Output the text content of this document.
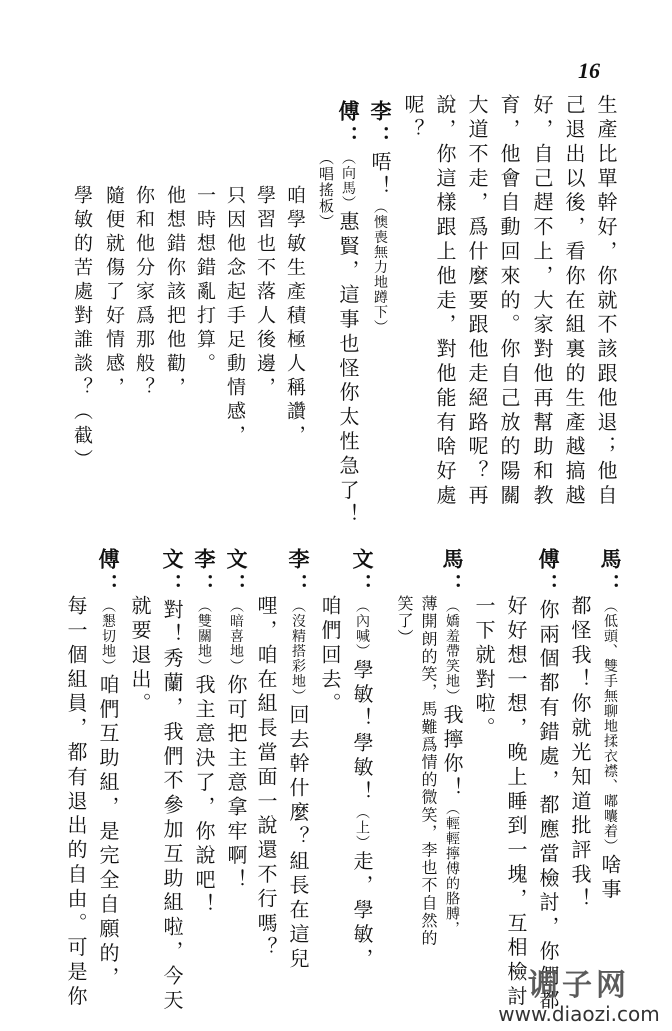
16
生產比單幹好，你就不該跟他退；他自
己退出以後，看你在組裏的生產越搞越
好，自己趕不上，大家對他再幫助和教
育，他會自動回來的。你自己放的陽關
大道不走，爲什麼要跟他走絕路呢？再
說，你這樣跟上他走，對他能有啥好處
呢？
李：唔！（懊喪無力地蹲下）
傅：（向馬）惠賢，這事也怪你太性急了！
（唱搖板）
咱學敏生產積極人稱讚，
學習也不落人後邊，
只因他念起手足動情感，
一時想錯亂打算。
他想錯你該把他勸，
你和他分家爲那般？
隨便就傷了好情感，
學敏的苦處對誰談？（截）
馬：（低頭、雙手無聊地揉衣襟、嘟囔着）啥事
都怪我！你就光知道批評我！
傅：你兩個都有錯處，都應當檢討，你們都
好好想一想，晚上睡到一塊，互相檢討
一下就對啦。
馬：（嬌羞帶笑地）我擰你！（輕輕擰傅的胳膊，
薄開朗的笑，馬難爲情的微笑，李也不自然的
笑了）
文：（內喊）學敏！學敏！（上）走，學敏，
咱們回去。
李：（沒精搭彩地）回去幹什麼？組長在這兒
哩，咱在組長當面一說還不行嗎？
文：（暗喜地）你可把主意拿牢啊！
李：（雙關地）我主意決了，你說吧！
文：對！秀蘭，我們不參加互助組啦，今天
就要退出。
傅：（懇切地）咱們互助組，是完全自願的，
每一個組員，都有退出的自由。可是你	调子网
www.diaozi.com
